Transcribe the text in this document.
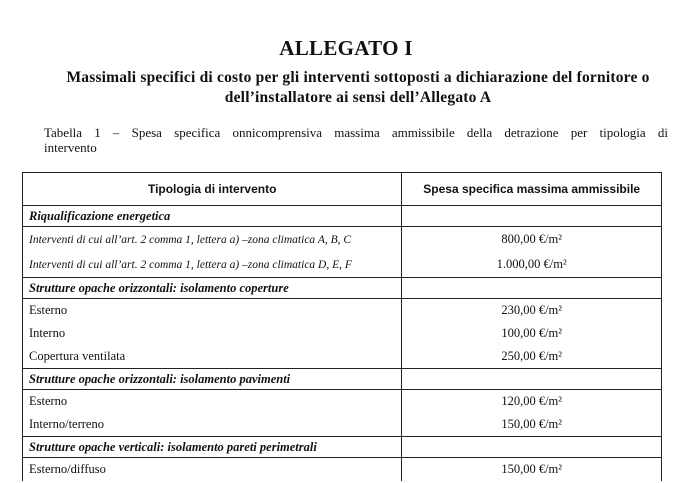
ALLEGATO I
Massimali specifici di costo per gli interventi sottoposti a dichiarazione del fornitore o dell’installatore ai sensi dell’Allegato A
Tabella 1 – Spesa specifica onnicomprensiva massima ammissibile della detrazione per tipologia di
intervento
Tipologia di intervento	Spesa specifica massima ammissibile
Riqualificazione energetica	
Interventi di cui all’art. 2 comma 1, lettera a) –zona climatica A, B, C	800,00 €/m²
Interventi di cui all’art. 2 comma 1, lettera a) –zona climatica D, E, F	1.000,00 €/m²
Strutture opache orizzontali: isolamento coperture	
Esterno	230,00 €/m²
Interno	100,00 €/m²
Copertura ventilata	250,00 €/m²
Strutture opache orizzontali: isolamento pavimenti	
Esterno	120,00 €/m²
Interno/terreno	150,00 €/m²
Strutture opache verticali: isolamento pareti perimetrali	
Esterno/diffuso	150,00 €/m²
